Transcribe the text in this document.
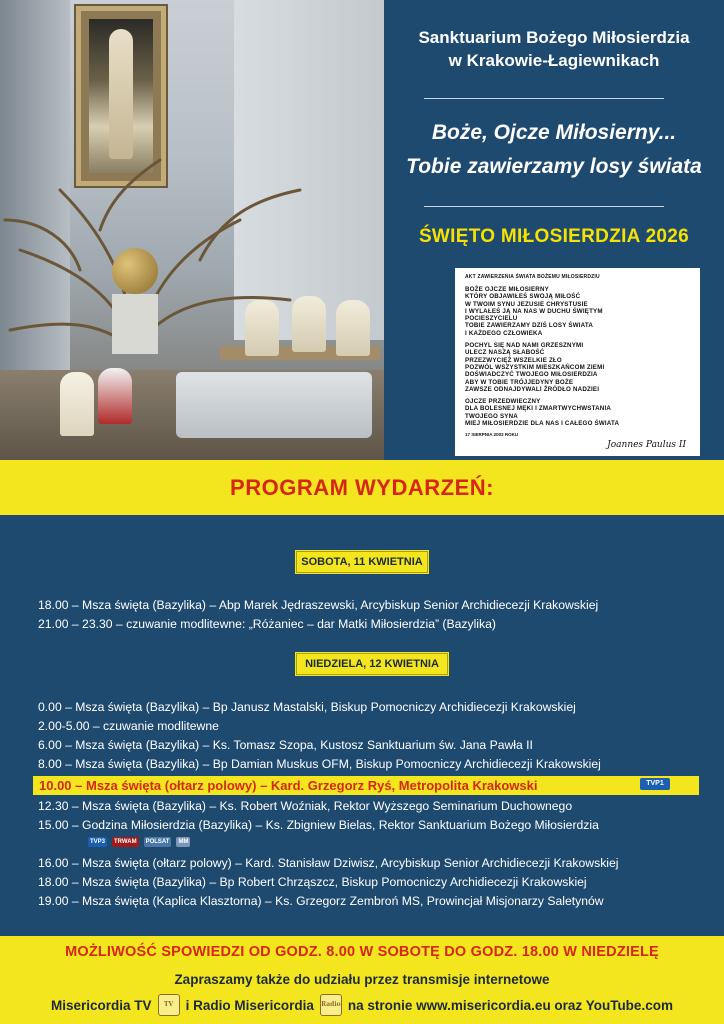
Sanktuarium Bożego Miłosierdzia
w Krakowie-Łagiewnikach
Boże, Ojcze Miłosierny...
Tobie zawierzamy losy świata
ŚWIĘTO MIŁOSIERDZIA 2026
AKT ZAWIERZENIA ŚWIATA BOŻEMU MIŁOSIERDZIU
BOŻE OJCZE MIŁOSIERNY
KTÓRY OBJAWIŁEŚ SWOJĄ MIŁOŚĆ
W TWOIM SYNU JEZUSIE CHRYSTUSIE
I WYLAŁEŚ JĄ NA NAS W DUCHU ŚWIĘTYM
POCIESZYCIELU
TOBIE ZAWIERZAMY DZIŚ LOSY ŚWIATA
I KAŻDEGO CZŁOWIEKA
POCHYL SIĘ NAD NAMI GRZESZNYMI
ULECZ NASZĄ SŁABOŚĆ
PRZEZWYCIĘŻ WSZELKIE ZŁO
POZWÓL WSZYSTKIM MIESZKAŃCOM ZIEMI
DOŚWIADCZYĆ TWOJEGO MIŁOSIERDZIA
ABY W TOBIE TRÓJJEDYNY BOŻE
ZAWSZE ODNAJDYWALI ŹRÓDŁO NADZIEI
OJCZE PRZEDWIECZNY
DLA BOLESNEJ MĘKI I ZMARTWYCHWSTANIA
TWOJEGO SYNA
MIEJ MIŁOSIERDZIE DLA NAS I CAŁEGO ŚWIATA
17 SIERPNIA 2002 ROKU
Joannes Paulus II
PROGRAM WYDARZEŃ:
SOBOTA, 11 KWIETNIA
18.00 – Msza święta (Bazylika) – Abp Marek Jędraszewski, Arcybiskup Senior Archidiecezji Krakowskiej
21.00 – 23.30 – czuwanie modlitewne: „Różaniec – dar Matki Miłosierdzia” (Bazylika)
NIEDZIELA, 12 KWIETNIA
0.00 – Msza święta (Bazylika) – Bp Janusz Mastalski, Biskup Pomocniczy Archidiecezji Krakowskiej
2.00-5.00 – czuwanie modlitewne
6.00 – Msza święta (Bazylika) – Ks. Tomasz Szopa, Kustosz Sanktuarium św. Jana Pawła II
8.00 – Msza święta (Bazylika) – Bp Damian Muskus OFM, Biskup Pomocniczy Archidiecezji Krakowskiej
10.00 – Msza święta (ołtarz polowy) – Kard. Grzegorz Ryś, Metropolita Krakowski	TVP1
12.30 – Msza święta (Bazylika) – Ks. Robert Woźniak, Rektor Wyższego Seminarium Duchownego
15.00 – Godzina Miłosierdzia (Bazylika) – Ks. Zbigniew Bielas, Rektor Sanktuarium Bożego Miłosierdzia
TVP3	TRWAM	POLSAT	MM
16.00 – Msza święta (ołtarz polowy) – Kard. Stanisław Dziwisz, Arcybiskup Senior Archidiecezji Krakowskiej
18.00 – Msza święta (Bazylika) – Bp Robert Chrząszcz, Biskup Pomocniczy Archidiecezji Krakowskiej
19.00 – Msza święta (Kaplica Klasztorna) – Ks. Grzegorz Zembroń MS, Prowincjał Misjonarzy Saletynów
MOŻLIWOŚĆ SPOWIEDZI OD GODZ. 8.00 W SOBOTĘ DO GODZ. 18.00 W NIEDZIELĘ
Zapraszamy także do udziału przez transmisje internetowe
Misericordia TV	TV i Radio Misericordia Radio na stronie www.misericordia.eu oraz YouTube.com
